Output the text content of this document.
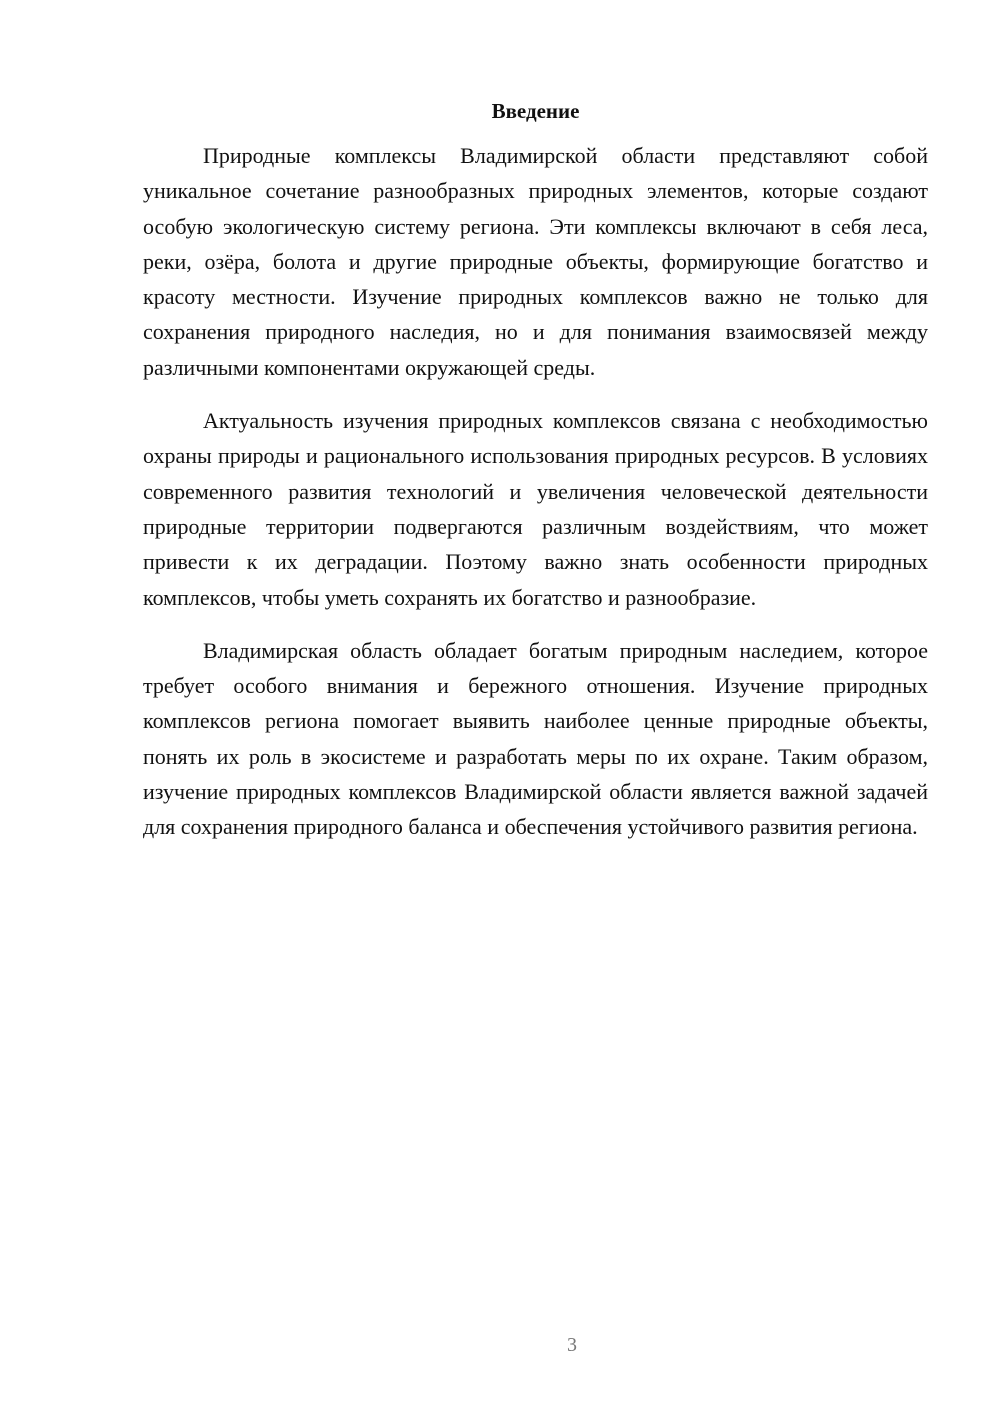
Введение

Природные комплексы Владимирской области представляют собой уникальное сочетание разнообразных природных элементов, которые создают особую экологическую систему региона. Эти комплексы включают в себя леса, реки, озёра, болота и другие природные объекты, формирующие богатство и красоту местности. Изучение природных комплексов важно не только для сохранения природного наследия, но и для понимания взаимосвязей между различными компонентами окружающей среды.

Актуальность изучения природных комплексов связана с необходимостью охраны природы и рационального использования природных ресурсов. В условиях современного развития технологий и увеличения человеческой деятельности природные территории подвергаются различным воздействиям, что может привести к их деградации. Поэтому важно знать особенности природных комплексов, чтобы уметь сохранять их богатство и разнообразие.

Владимирская область обладает богатым природным наследием, которое требует особого внимания и бережного отношения. Изучение природных комплексов региона помогает выявить наиболее ценные природные объекты, понять их роль в экосистеме и разработать меры по их охране. Таким образом, изучение природных комплексов Владимирской области является важной задачей для сохранения природного баланса и обеспечения устойчивого развития региона.

3
